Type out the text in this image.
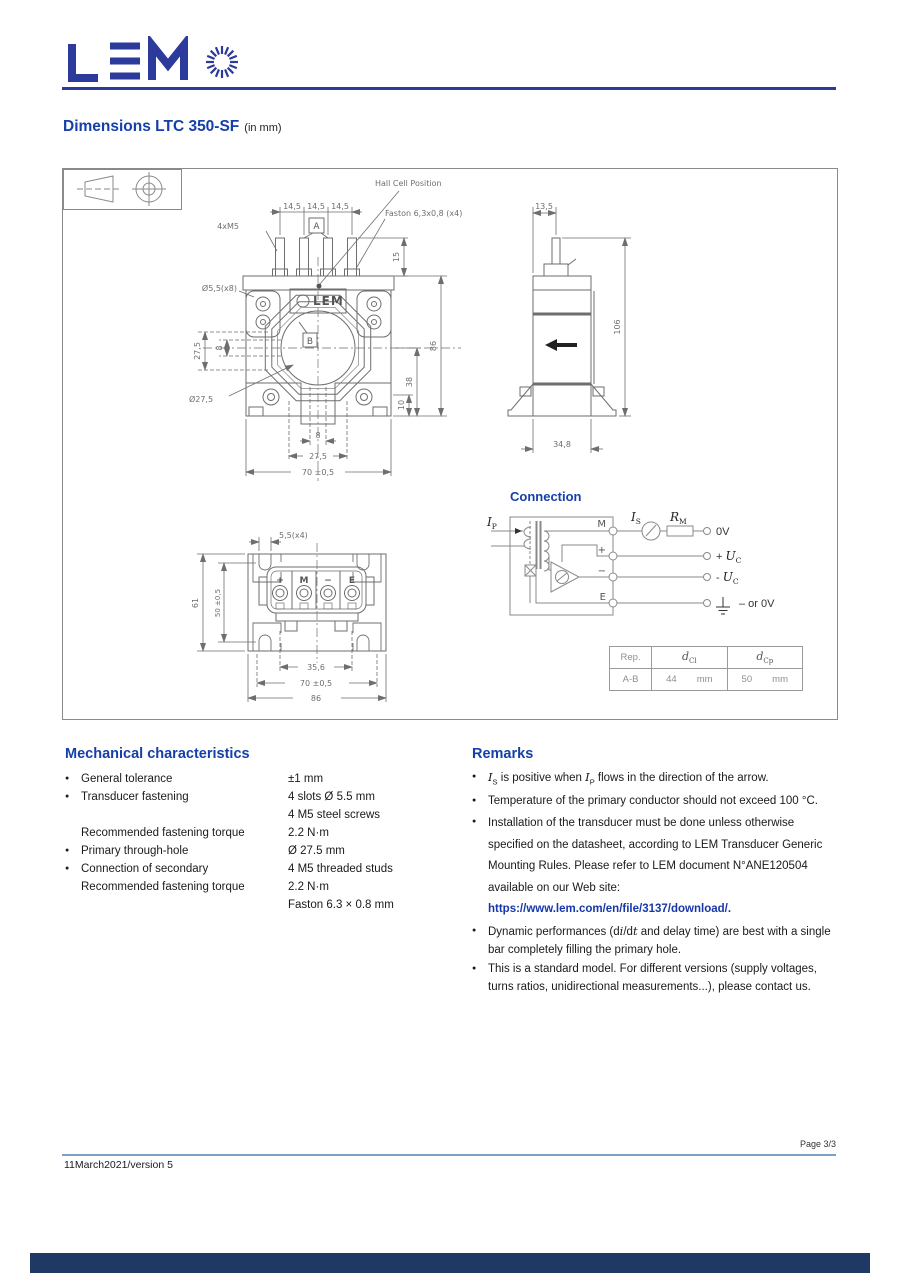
Dimensions LTC 350-SF (in mm)
LEM
Hall Cell Position
14,5 14,5 14,5
A
4xM5
Faston 6,3x0,8 (x4)
Ø5,5(x8)
15
86
38
10
27,5 8
Ø27,5
B
8
27,5
70 ±0,5
13,5
106
34,8
+ M − E
5,5(x4)
61 50 ±0,5
35,6
70 ±0,5
86
Connection
IP
IS RM
M
+
−
E
0V
+ UC
- UC
– or 0V
Rep.	$d_{Cl}$	$d_{Cp}$
A-B	44 mm	50 mm
Mechanical characteristics
● General tolerance	±1 mm
● Transducer fastening	4 slots Ø 5.5 mm
4 M5 steel screws
Recommended fastening torque	2.2 N·m
● Primary through-hole	Ø 27.5 mm
● Connection of secondary	4 M5 threaded studs
Recommended fastening torque	2.2 N·m
Faston 6.3 × 0.8 mm
Remarks
● $I_S$ is positive when $I_P$ flows in the direction of the arrow.
● Temperature of the primary conductor should not exceed 100 °C.
● Installation of the transducer must be done unless otherwise specified on the datasheet, according to LEM Transducer Generic Mounting Rules. Please refer to LEM document N°ANE120504 available on our Web site: https://www.lem.com/en/file/3137/download/.
● Dynamic performances (di/dt and delay time) are best with a single bar completely filling the primary hole.
● This is a standard model. For different versions (supply voltages, turns ratios, unidirectional measurements...), please contact us.
Page 3/3
11March2021/version 5
